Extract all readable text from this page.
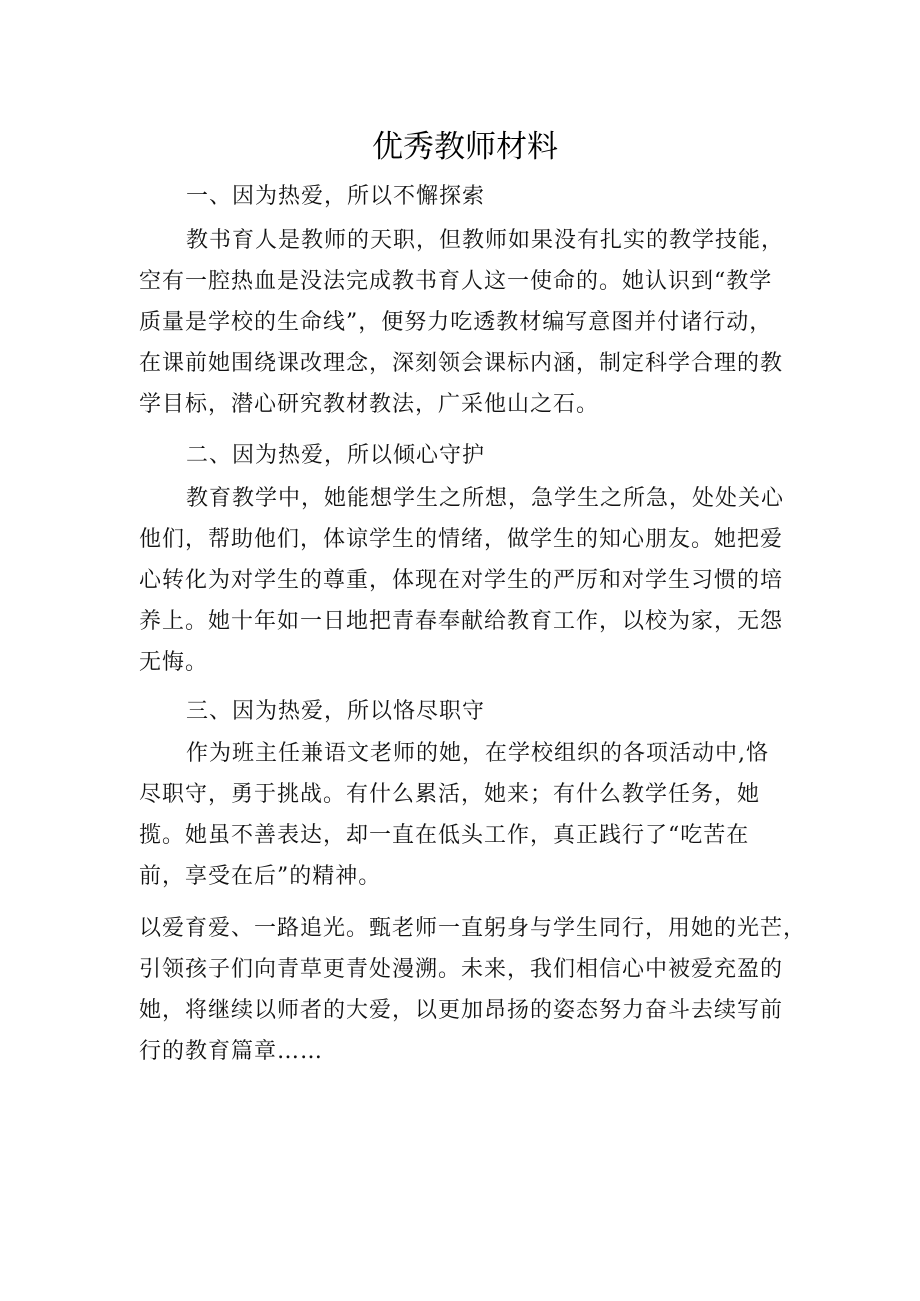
优秀教师材料
一、因为热爱，所以不懈探索
教书育人是教师的天职，但教师如果没有扎实的教学技能，
空有一腔热血是没法完成教书育人这一使命的。她认识到“教学
质量是学校的生命线”，便努力吃透教材编写意图并付诸行动，
在课前她围绕课改理念，深刻领会课标内涵，制定科学合理的教
学目标，潜心研究教材教法，广采他山之石。
二、因为热爱，所以倾心守护
教育教学中，她能想学生之所想，急学生之所急，处处关心
他们，帮助他们，体谅学生的情绪，做学生的知心朋友。她把爱
心转化为对学生的尊重，体现在对学生的严厉和对学生习惯的培
养上。她十年如一日地把青春奉献给教育工作，以校为家，无怨
无悔。
三、因为热爱，所以恪尽职守
作为班主任兼语文老师的她，在学校组织的各项活动中,恪
尽职守，勇于挑战。有什么累活，她来；有什么教学任务，她
揽。她虽不善表达，却一直在低头工作，真正践行了“吃苦在
前，享受在后”的精神。
以爱育爱、一路追光。甄老师一直躬身与学生同行，用她的光芒，
引领孩子们向青草更青处漫溯。未来，我们相信心中被爱充盈的
她，将继续以师者的大爱，以更加昂扬的姿态努力奋斗去续写前
行的教育篇章……
